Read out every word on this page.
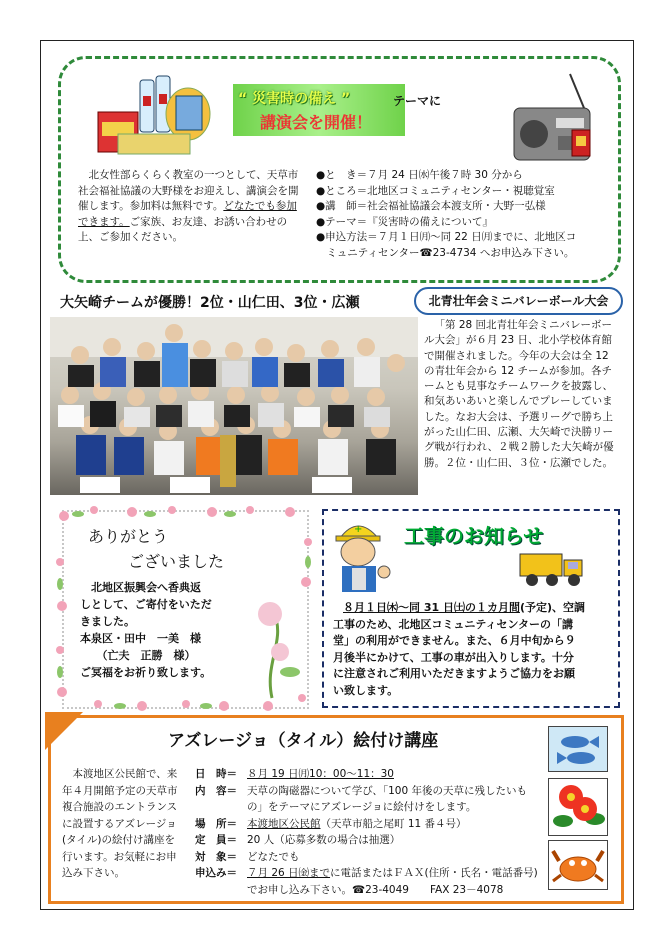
“ 災害時の備え ”	テーマに
講演会を開催！
北女性部らくらく教室の一つとして、天草市社会福祉協議の大野様をお迎えし、講演会を開催します。参加料は無料です。どなたでも参加できます。ご家族、お友達、お誘い合わせの上、ご参加ください。
●と　き＝７月 24 日㈬午後７時 30 分から
●ところ＝北地区コミュニティセンター・視聴覚室
●講　師＝社会福祉協議会本渡支所・大野一弘様
●テーマ＝『災害時の備えについて』
●申込方法＝７月１日㈪〜同 22 日㈪までに、北地区コ
　ミュニティセンター☎23-4734 へお申込み下さい。
大矢崎チームが優勝！2位・山仁田、3位・広瀬	北青壮年会ミニバレーボール大会
「第 28 回北青壮年会ミニバレーボール大会」が６月 23 日、北小学校体育館で開催されました。今年の大会は全 12 の青壮年会から 12 チームが参加。各チームとも見事なチームワークを披露し、和気あいあいと楽しんでプレーしていました。なお大会は、予選リーグで勝ち上がった山仁田、広瀬、大矢崎で決勝リーグ戦が行われ、２戦２勝した大矢崎が優勝。２位・山仁田、３位・広瀬でした。
ありがとう
ございました
北地区振興会へ香典返
しとして、ご寄付をいただ
きました。
本泉区・田中　一美　様
　　（亡夫　正勝　様）
ご冥福をお祈り致します。
+ 工事のお知らせ
８月１日㈭〜同 31 日㈯の１カ月間(予定)、空調
工事のため、北地区コミュニティセンターの「講
堂」の利用ができません。また、６月中旬から９
月後半にかけて、工事の車が出入りします。十分
に注意されご利用いただきますようご協力をお願
い致します。
アズレージョ（タイル）絵付け講座
本渡地区公民館で、来年４月開館予定の天草市複合施設のエントランスに設置するアズレージョ(タイル)の絵付け講座を行います。お気軽にお申込み下さい。
日　時＝ ８月 19 日㈪10：00〜11：30
内　容＝ 天草の陶磁器について学び、「100 年後の天草に残したいもの」をテーマにアズレージョに絵付けをします。
場　所＝ 本渡地区公民館（天草市船之尾町 11 番４号）
定　員＝ 20 人（応募多数の場合は抽選）
対　象＝ どなたでも
申込み＝ ７月 26 日㈮までに電話またはＦＡＸ(住所・氏名・電話番号)でお申し込み下さい。☎23-4049　　FAX 23－4078
